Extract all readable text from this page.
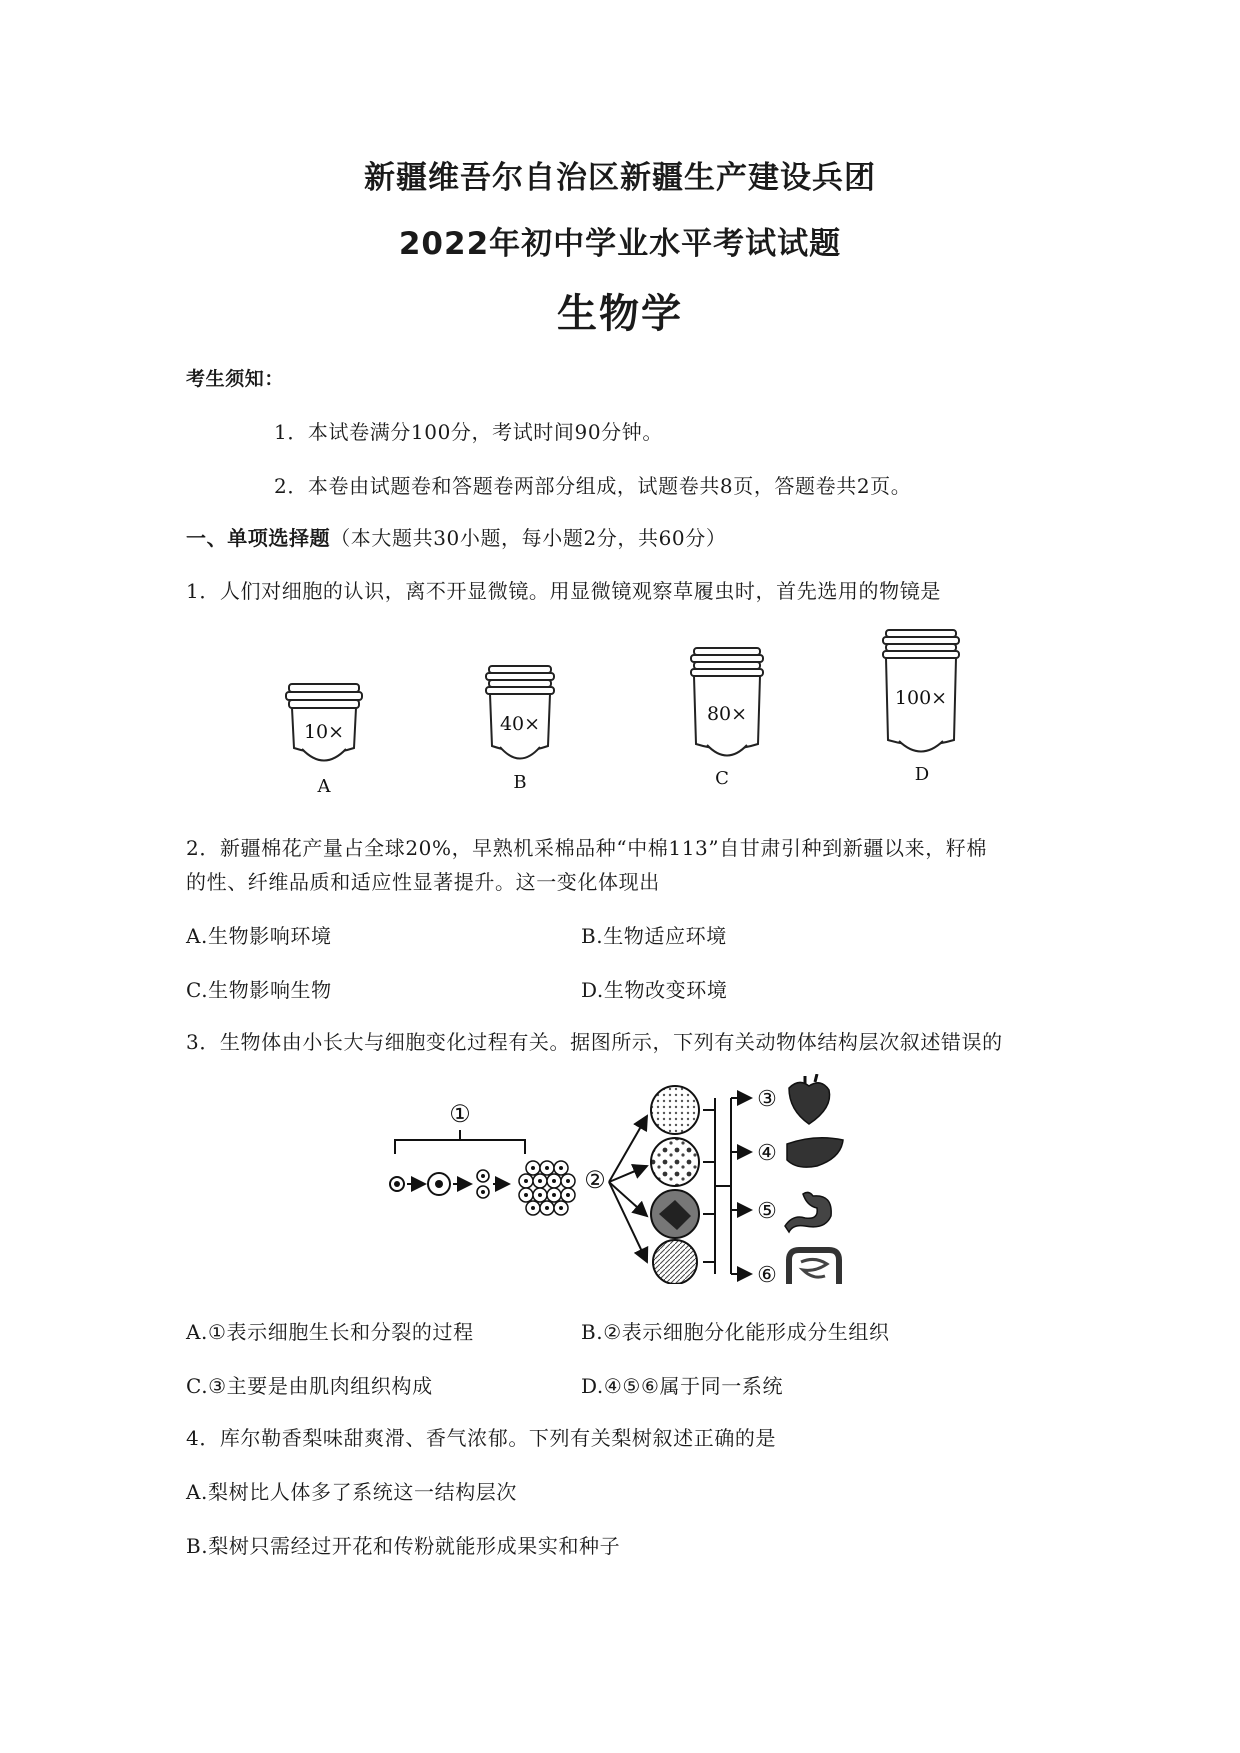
新疆维吾尔自治区新疆生产建设兵团
2022年初中学业水平考试试题
生物学
考生须知：
1．本试卷满分100分，考试时间90分钟。
2．本卷由试题卷和答题卷两部分组成，试题卷共8页，答题卷共2页。
一、单项选择题（本大题共30小题，每小题2分，共60分）
1．人们对细胞的认识，离不开显微镜。用显微镜观察草履虫时，首先选用的物镜是
10×
A
40×
B
80×
C
100×
D
2．新疆棉花产量占全球20%，早熟机采棉品种“中棉113”自甘肃引种到新疆以来，籽棉
的性、纤维品质和适应性显著提升。这一变化体现出
A.生物影响环境	B.生物适应环境
C.生物影响生物	D.生物改变环境
3．生物体由小长大与细胞变化过程有关。据图所示，下列有关动物体结构层次叙述错误的
①
②
③
④
⑤
⑥
A.①表示细胞生长和分裂的过程	B.②表示细胞分化能形成分生组织
C.③主要是由肌肉组织构成	D.④⑤⑥属于同一系统
4．库尔勒香梨味甜爽滑、香气浓郁。下列有关梨树叙述正确的是
A.梨树比人体多了系统这一结构层次
B.梨树只需经过开花和传粉就能形成果实和种子
